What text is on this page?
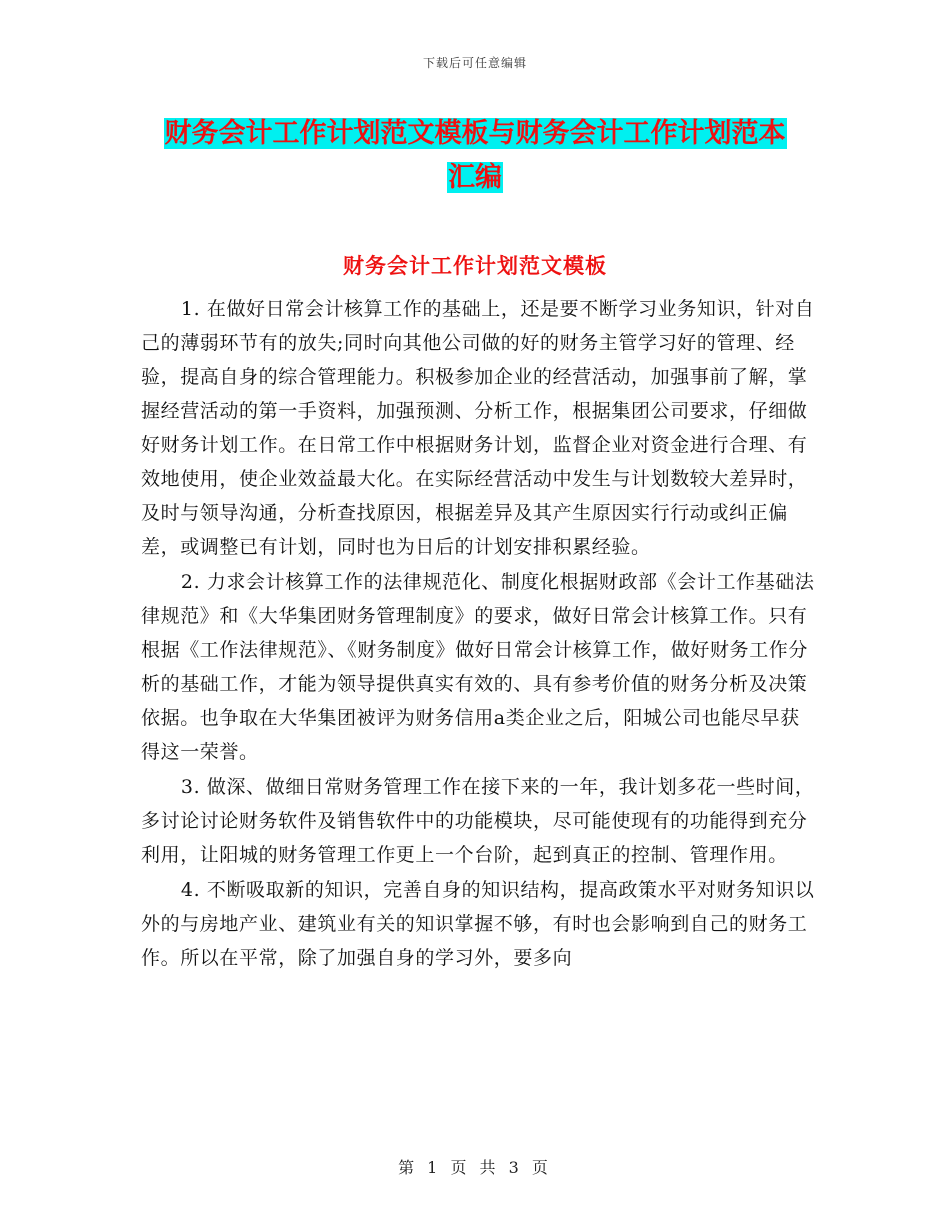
下载后可任意编辑
财务会计工作计划范文模板与财务会计工作计划范本
汇编
财务会计工作计划范文模板

1. 在做好日常会计核算工作的基础上，还是要不断学习业务知识，针对自己的薄弱环节有的放失;同时向其他公司做的好的财务主管学习好的管理、经验，提高自身的综合管理能力。积极参加企业的经营活动，加强事前了解，掌握经营活动的第一手资料，加强预测、分析工作，根据集团公司要求，仔细做好财务计划工作。在日常工作中根据财务计划，监督企业对资金进行合理、有效地使用，使企业效益最大化。在实际经营活动中发生与计划数较大差异时，及时与领导沟通，分析查找原因，根据差异及其产生原因实行行动或纠正偏差，或调整已有计划，同时也为日后的计划安排积累经验。

2. 力求会计核算工作的法律规范化、制度化根据财政部《会计工作基础法律规范》和《大华集团财务管理制度》的要求，做好日常会计核算工作。只有根据《工作法律规范》、《财务制度》做好日常会计核算工作，做好财务工作分析的基础工作，才能为领导提供真实有效的、具有参考价值的财务分析及决策依据。也争取在大华集团被评为财务信用a类企业之后，阳城公司也能尽早获得这一荣誉。

3. 做深、做细日常财务管理工作在接下来的一年，我计划多花一些时间，多讨论讨论财务软件及销售软件中的功能模块，尽可能使现有的功能得到充分利用，让阳城的财务管理工作更上一个台阶，起到真正的控制、管理作用。

4. 不断吸取新的知识，完善自身的知识结构，提高政策水平对财务知识以外的与房地产业、建筑业有关的知识掌握不够，有时也会影响到自己的财务工作。所以在平常，除了加强自身的学习外，要多向

第 1 页 共 3 页
